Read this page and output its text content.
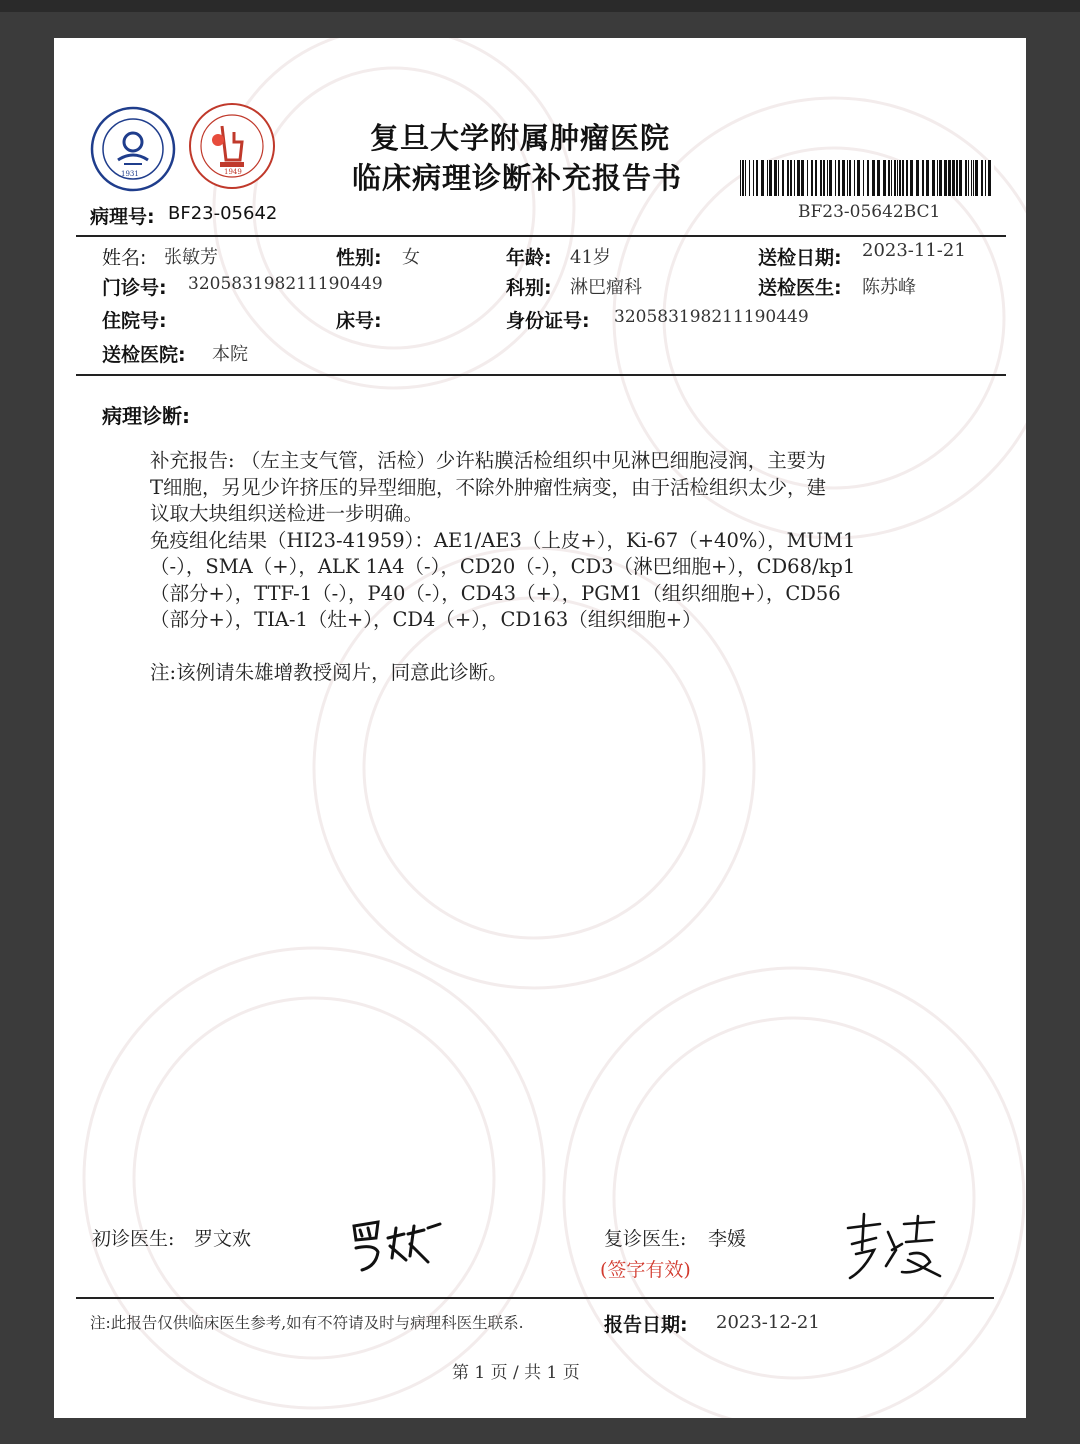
1931	1949
复旦大学附属肿瘤医院
临床病理诊断补充报告书
BF23-05642BC1
病理号: BF23-05642
姓名: 张敏芳	性别: 女	年龄: 41岁	送检日期: 2023-11-21
门诊号: 320583198211190449	科别: 淋巴瘤科	送检医生: 陈苏峰
住院号:	床号:	身份证号: 320583198211190449
送检医院: 本院
病理诊断:
补充报告: （左主支气管，活检）少许粘膜活检组织中见淋巴细胞浸润，主要为
T细胞，另见少许挤压的异型细胞，不除外肿瘤性病变，由于活检组织太少，建
议取大块组织送检进一步明确。
免疫组化结果（HI23-41959）：AE1/AE3（上皮+），Ki-67（+40%），MUM1
（-），SMA（+），ALK 1A4（-），CD20（-），CD3（淋巴细胞+），CD68/kp1
（部分+），TTF-1（-），P40（-），CD43（+），PGM1（组织细胞+），CD56
（部分+），TIA-1（灶+），CD4（+），CD163（组织细胞+）
注:该例请朱雄增教授阅片，同意此诊断。
初诊医生: 罗文欢	复诊医生: 李媛
(签字有效)
注:此报告仅供临床医生参考,如有不符请及时与病理科医生联系.	报告日期: 2023-12-21
第 1 页 / 共 1 页
